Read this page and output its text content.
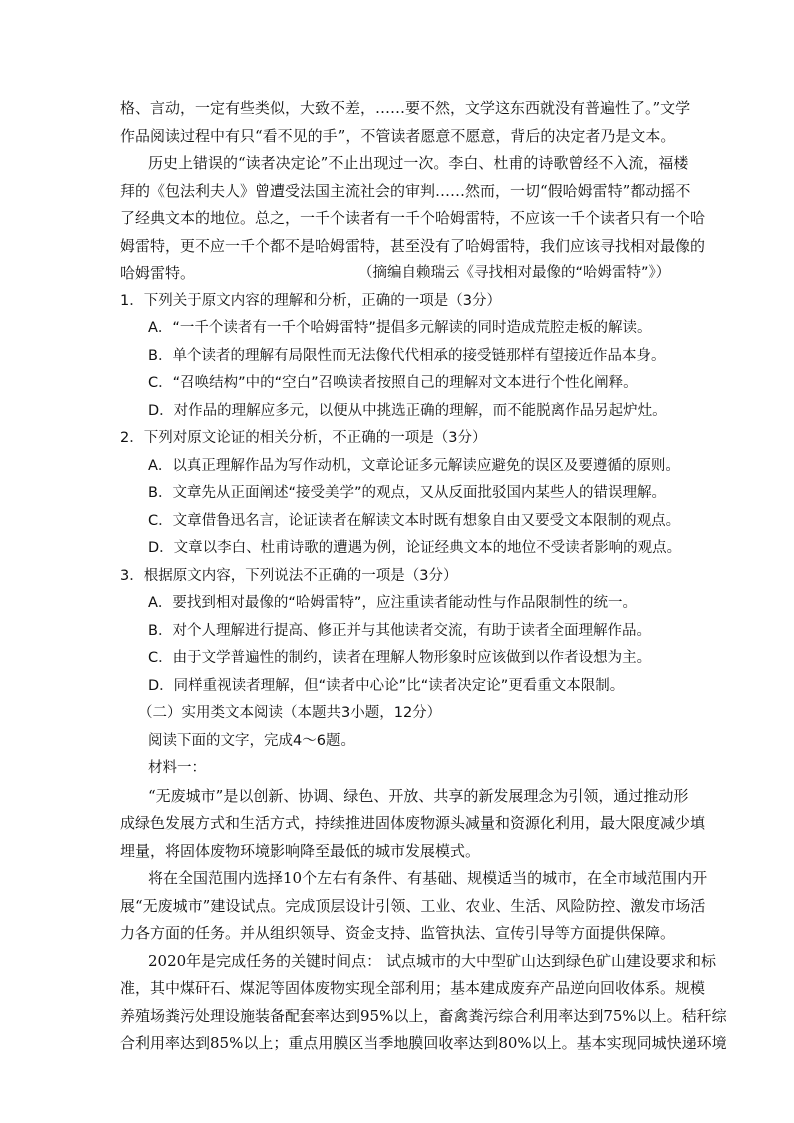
格、言动，一定有些类似，大致不差，……要不然，文学这东西就没有普遍性了。”文学
作品阅读过程中有只“看不见的手”，不管读者愿意不愿意，背后的决定者乃是文本。
历史上错误的“读者决定论”不止出现过一次。李白、杜甫的诗歌曾经不入流，福楼
拜的《包法利夫人》曾遭受法国主流社会的审判……然而，一切“假哈姆雷特”都动摇不
了经典文本的地位。总之，一千个读者有一千个哈姆雷特，不应该一千个读者只有一个哈
姆雷特，更不应一千个都不是哈姆雷特，甚至没有了哈姆雷特，我们应该寻找相对最像的
哈姆雷特。	（摘编自赖瑞云《寻找相对最像的“哈姆雷特”》）
1．下列关于原文内容的理解和分析，正确的一项是（3分）
A．“一千个读者有一千个哈姆雷特”提倡多元解读的同时造成荒腔走板的解读。
B．单个读者的理解有局限性而无法像代代相承的接受链那样有望接近作品本身。
C．“召唤结构”中的“空白”召唤读者按照自己的理解对文本进行个性化阐释。
D．对作品的理解应多元，以便从中挑选正确的理解，而不能脱离作品另起炉灶。
2．下列对原文论证的相关分析，不正确的一项是（3分）
A．以真正理解作品为写作动机，文章论证多元解读应避免的误区及要遵循的原则。
B．文章先从正面阐述“接受美学”的观点，又从反面批驳国内某些人的错误理解。
C．文章借鲁迅名言，论证读者在解读文本时既有想象自由又要受文本限制的观点。
D．文章以李白、杜甫诗歌的遭遇为例，论证经典文本的地位不受读者影响的观点。
3．根据原文内容，下列说法不正确的一项是（3分）
A．要找到相对最像的“哈姆雷特”，应注重读者能动性与作品限制性的统一。
B．对个人理解进行提高、修正并与其他读者交流，有助于读者全面理解作品。
C．由于文学普遍性的制约，读者在理解人物形象时应该做到以作者设想为主。
D．同样重视读者理解，但“读者中心论”比“读者决定论”更看重文本限制。
（二）实用类文本阅读（本题共3小题，12分）
阅读下面的文字，完成4～6题。
材料一：
“无废城市”是以创新、协调、绿色、开放、共享的新发展理念为引领，通过推动形
成绿色发展方式和生活方式，持续推进固体废物源头减量和资源化利用，最大限度减少填
埋量，将固体废物环境影响降至最低的城市发展模式。
将在全国范围内选择10个左右有条件、有基础、规模适当的城市，在全市域范围内开
展“无废城市”建设试点。完成顶层设计引领、工业、农业、生活、风险防控、激发市场活
力各方面的任务。并从组织领导、资金支持、监管执法、宣传引导等方面提供保障。
2020年是完成任务的关键时间点： 试点城市的大中型矿山达到绿色矿山建设要求和标
准，其中煤矸石、煤泥等固体废物实现全部利用；基本建成废弃产品逆向回收体系。规模
养殖场粪污处理设施装备配套率达到95%以上，畜禽粪污综合利用率达到75%以上。秸秆综
合利用率达到85%以上；重点用膜区当季地膜回收率达到80%以上。基本实现同城快递环境
